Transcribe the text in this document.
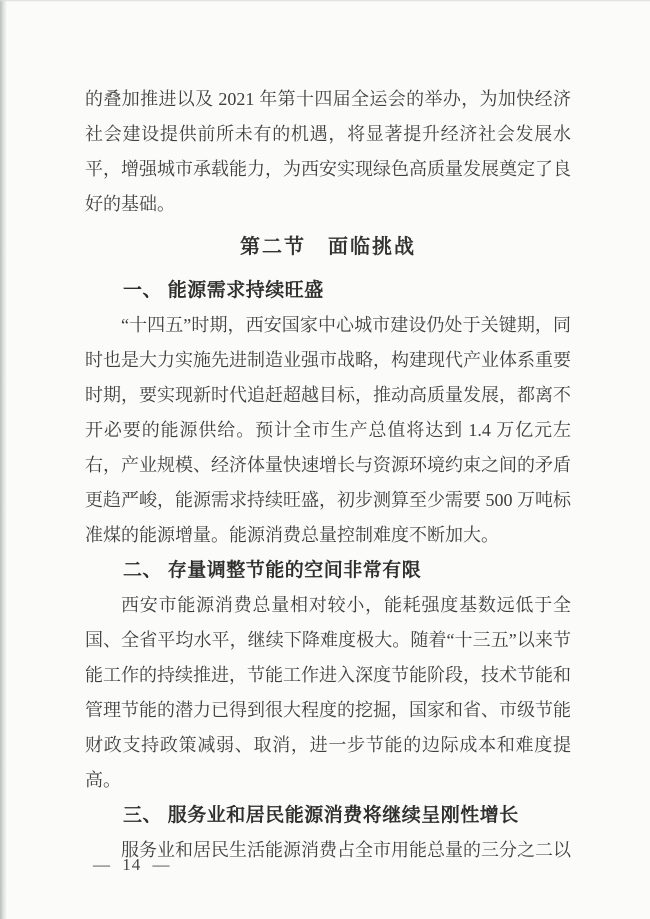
的叠加推进以及 2021 年第十四届全运会的举办，为加快经济社会建设提供前所未有的机遇，将显著提升经济社会发展水平，增强城市承载能力，为西安实现绿色高质量发展奠定了良好的基础。

第二节　面临挑战
一、 能源需求持续旺盛

“十四五”时期，西安国家中心城市建设仍处于关键期，同时也是大力实施先进制造业强市战略，构建现代产业体系重要时期，要实现新时代追赶超越目标，推动高质量发展，都离不开必要的能源供给。预计全市生产总值将达到 1.4 万亿元左右，产业规模、经济体量快速增长与资源环境约束之间的矛盾更趋严峻，能源需求持续旺盛，初步测算至少需要 500 万吨标准煤的能源增量。能源消费总量控制难度不断加大。

二、 存量调整节能的空间非常有限

西安市能源消费总量相对较小，能耗强度基数远低于全国、全省平均水平，继续下降难度极大。随着“十三五”以来节能工作的持续推进，节能工作进入深度节能阶段，技术节能和管理节能的潜力已得到很大程度的挖掘，国家和省、市级节能财政支持政策减弱、取消，进一步节能的边际成本和难度提高。

三、 服务业和居民能源消费将继续呈刚性增长

服务业和居民生活能源消费占全市用能总量的三分之二以

— 14 —
